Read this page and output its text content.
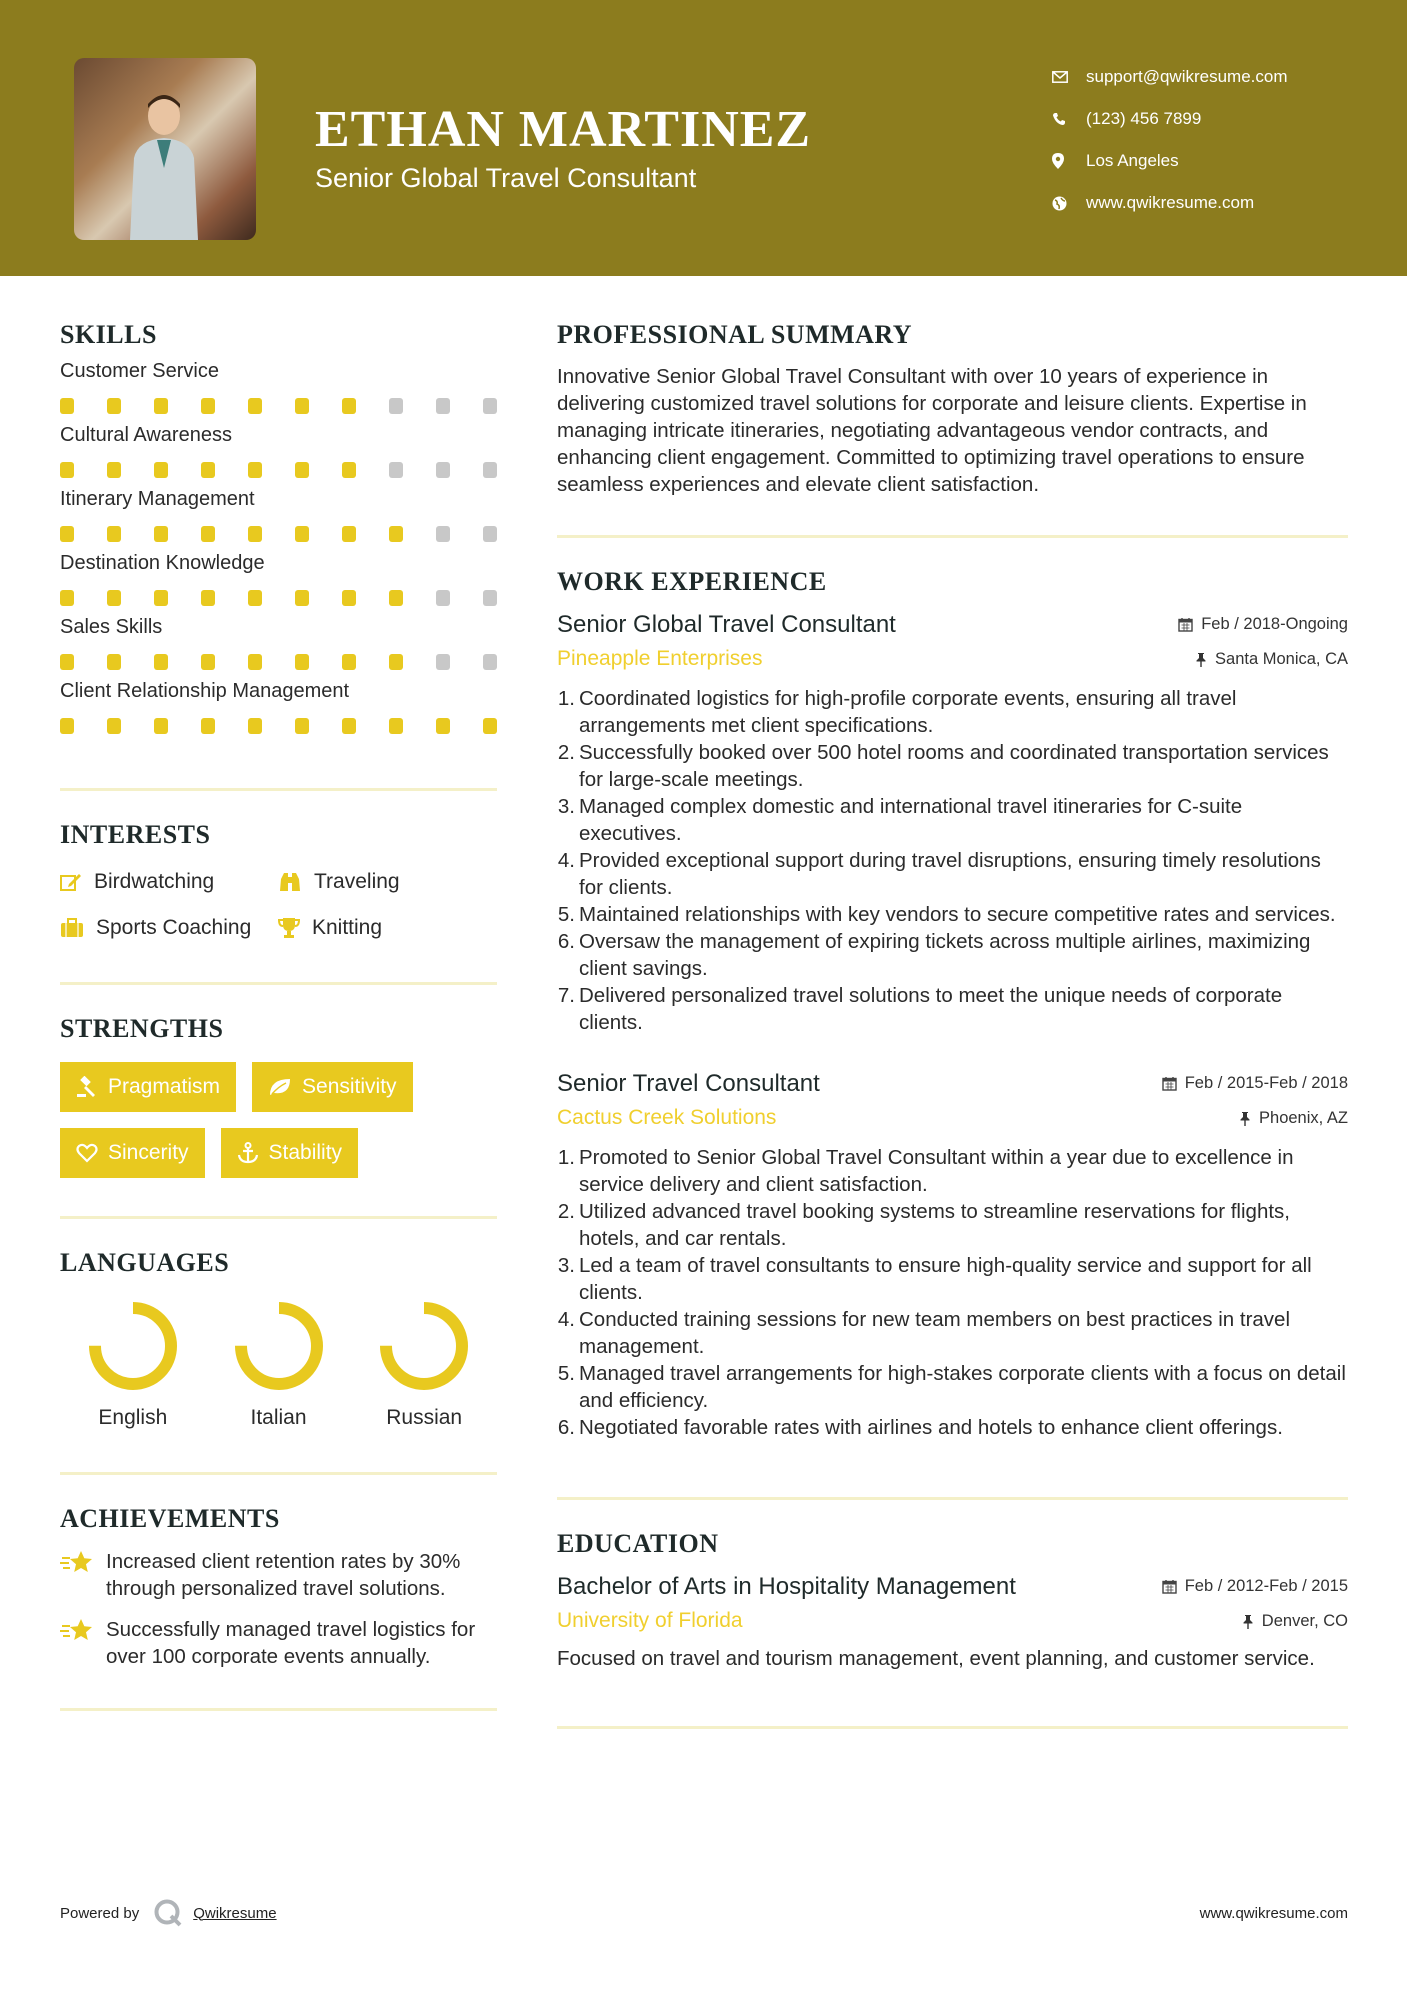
ETHAN MARTINEZ
Senior Global Travel Consultant
support@qwikresume.com
(123) 456 7899
Los Angeles
www.qwikresume.com
SKILLS
Customer Service
Cultural Awareness
Itinerary Management
Destination Knowledge
Sales Skills
Client Relationship Management
INTERESTS
Birdwatching	Traveling
Sports Coaching	Knitting
STRENGTHS
Pragmatism	Sensitivity
Sincerity	Stability
LANGUAGES
English	Italian	Russian
ACHIEVEMENTS
Increased client retention rates by 30% through personalized travel solutions.
Successfully managed travel logistics for over 100 corporate events annually.
PROFESSIONAL SUMMARY
Innovative Senior Global Travel Consultant with over 10 years of experience in delivering customized travel solutions for corporate and leisure clients. Expertise in managing intricate itineraries, negotiating advantageous vendor contracts, and enhancing client engagement. Committed to optimizing travel operations to ensure seamless experiences and elevate client satisfaction.
WORK EXPERIENCE
Senior Global Travel Consultant	Feb / 2018-Ongoing
Pineapple Enterprises	Santa Monica, CA
1. Coordinated logistics for high-profile corporate events, ensuring all travel arrangements met client specifications.
2. Successfully booked over 500 hotel rooms and coordinated transportation services for large-scale meetings.
3. Managed complex domestic and international travel itineraries for C-suite executives.
4. Provided exceptional support during travel disruptions, ensuring timely resolutions for clients.
5. Maintained relationships with key vendors to secure competitive rates and services.
6. Oversaw the management of expiring tickets across multiple airlines, maximizing client savings.
7. Delivered personalized travel solutions to meet the unique needs of corporate clients.
Senior Travel Consultant	Feb / 2015-Feb / 2018
Cactus Creek Solutions	Phoenix, AZ
1. Promoted to Senior Global Travel Consultant within a year due to excellence in service delivery and client satisfaction.
2. Utilized advanced travel booking systems to streamline reservations for flights, hotels, and car rentals.
3. Led a team of travel consultants to ensure high-quality service and support for all clients.
4. Conducted training sessions for new team members on best practices in travel management.
5. Managed travel arrangements for high-stakes corporate clients with a focus on detail and efficiency.
6. Negotiated favorable rates with airlines and hotels to enhance client offerings.
EDUCATION
Bachelor of Arts in Hospitality Management	Feb / 2012-Feb / 2015
University of Florida	Denver, CO
Focused on travel and tourism management, event planning, and customer service.
Powered by	Qwikresume	www.qwikresume.com
